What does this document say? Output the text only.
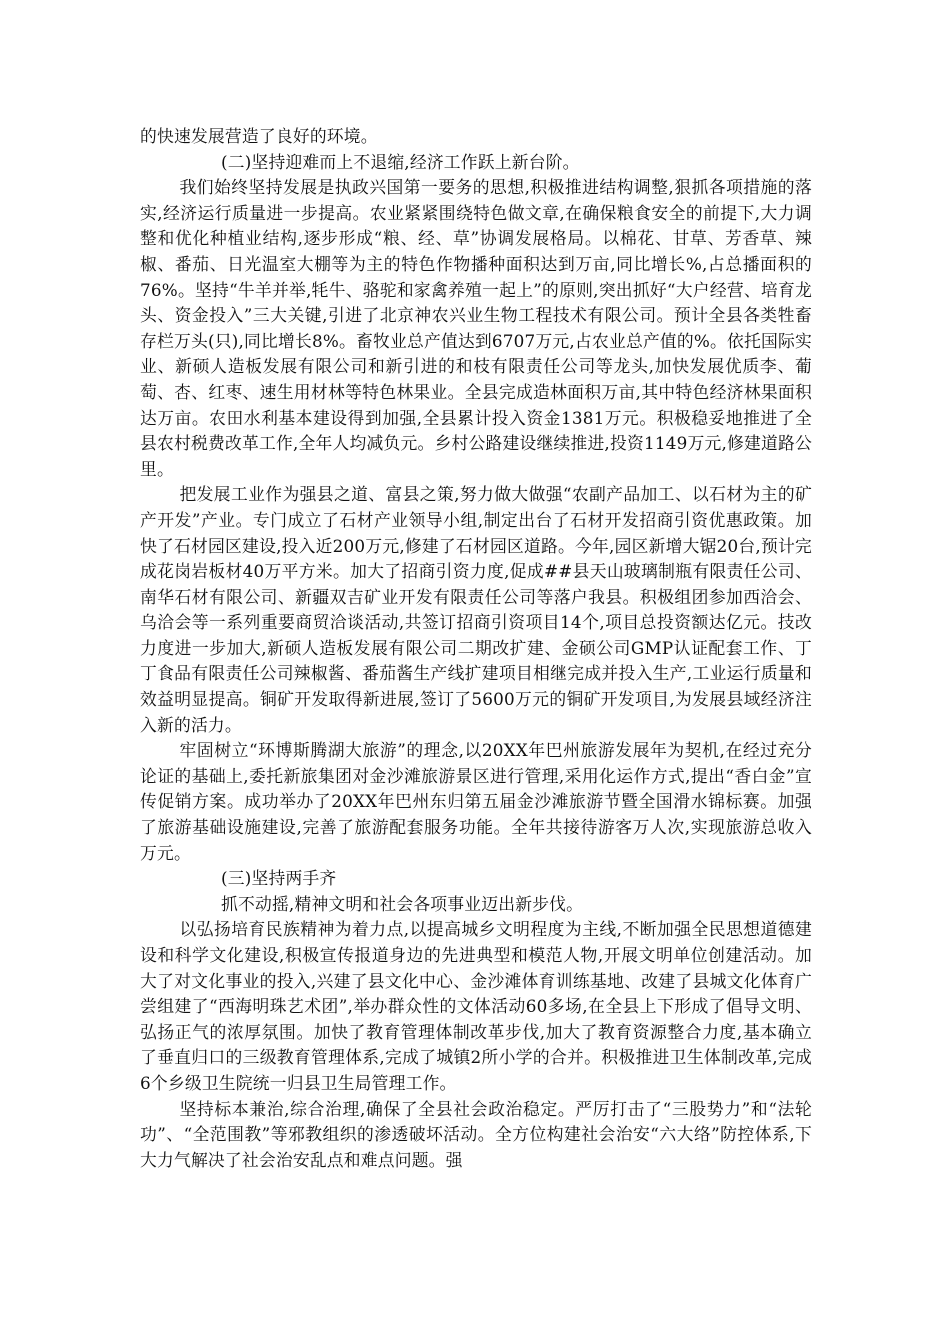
的快速发展营造了良好的环境。

(二)坚持迎难而上不退缩,经济工作跃上新台阶。

我们始终坚持发展是执政兴国第一要务的思想,积极推进结构调整,狠抓各项措施的落实,经济运行质量进一步提高。农业紧紧围绕特色做文章,在确保粮食安全的前提下,大力调整和优化种植业结构,逐步形成“粮、经、草”协调发展格局。以棉花、甘草、芳香草、辣椒、番茄、日光温室大棚等为主的特色作物播种面积达到万亩,同比增长%,占总播面积的76%。坚持“牛羊并举,牦牛、骆驼和家禽养殖一起上”的原则,突出抓好“大户经营、培育龙头、资金投入”三大关键,引进了北京神农兴业生物工程技术有限公司。预计全县各类牲畜存栏万头(只),同比增长8%。畜牧业总产值达到6707万元,占农业总产值的%。依托国际实业、新硕人造板发展有限公司和新引进的和枝有限责任公司等龙头,加快发展优质李、葡萄、杏、红枣、速生用材林等特色林果业。全县完成造林面积万亩,其中特色经济林果面积达万亩。农田水利基本建设得到加强,全县累计投入资金1381万元。积极稳妥地推进了全县农村税费改革工作,全年人均减负元。乡村公路建设继续推进,投资1149万元,修建道路公里。

把发展工业作为强县之道、富县之策,努力做大做强“农副产品加工、以石材为主的矿产开发”产业。专门成立了石材产业领导小组,制定出台了石材开发招商引资优惠政策。加快了石材园区建设,投入近200万元,修建了石材园区道路。今年,园区新增大锯20台,预计完成花岗岩板材40万平方米。加大了招商引资力度,促成##县天山玻璃制瓶有限责任公司、南华石材有限公司、新疆双吉矿业开发有限责任公司等落户我县。积极组团参加西洽会、乌洽会等一系列重要商贸洽谈活动,共签订招商引资项目14个,项目总投资额达亿元。技改力度进一步加大,新硕人造板发展有限公司二期改扩建、金硕公司GMP认证配套工作、丁丁食品有限责任公司辣椒酱、番茄酱生产线扩建项目相继完成并投入生产,工业运行质量和效益明显提高。铜矿开发取得新进展,签订了5600万元的铜矿开发项目,为发展县域经济注入新的活力。

牢固树立“环博斯腾湖大旅游”的理念,以20XX年巴州旅游发展年为契机,在经过充分论证的基础上,委托新旅集团对金沙滩旅游景区进行管理,采用化运作方式,提出“香白金”宣传促销方案。成功举办了20XX年巴州东归第五届金沙滩旅游节暨全国滑水锦标赛。加强了旅游基础设施建设,完善了旅游配套服务功能。全年共接待游客万人次,实现旅游总收入万元。

(三)坚持两手齐

抓不动摇,精神文明和社会各项事业迈出新步伐。

以弘扬培育民族精神为着力点,以提高城乡文明程度为主线,不断加强全民思想道德建设和科学文化建设,积极宣传报道身边的先进典型和模范人物,开展文明单位创建活动。加大了对文化事业的投入,兴建了县文化中心、金沙滩体育训练基地、改建了县城文化体育广尝组建了“西海明珠艺术团”,举办群众性的文体活动60多场,在全县上下形成了倡导文明、弘扬正气的浓厚氛围。加快了教育管理体制改革步伐,加大了教育资源整合力度,基本确立了垂直归口的三级教育管理体系,完成了城镇2所小学的合并。积极推进卫生体制改革,完成6个乡级卫生院统一归县卫生局管理工作。

坚持标本兼治,综合治理,确保了全县社会政治稳定。严厉打击了“三股势力”和“法轮功”、“全范围教”等邪教组织的渗透破坏活动。全方位构建社会治安“六大络”防控体系,下大力气解决了社会治安乱点和难点问题。强
